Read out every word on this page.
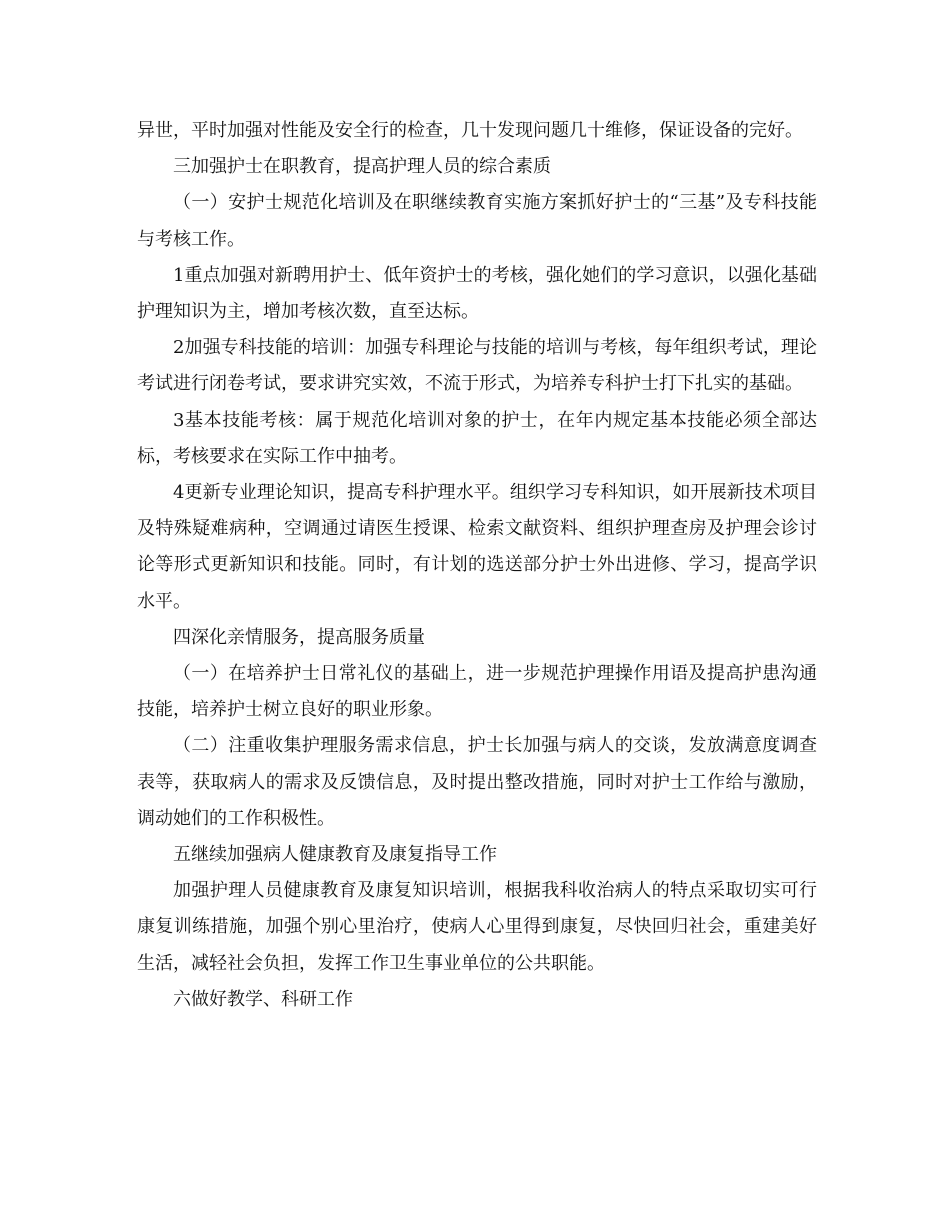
异世，平时加强对性能及安全行的检查，几十发现问题几十维修，保证设备的完好。

三加强护士在职教育，提高护理人员的综合素质

（一）安护士规范化培训及在职继续教育实施方案抓好护士的“三基”及专科技能与考核工作。

1重点加强对新聘用护士、低年资护士的考核，强化她们的学习意识，以强化基础护理知识为主，增加考核次数，直至达标。

2加强专科技能的培训：加强专科理论与技能的培训与考核，每年组织考试，理论考试进行闭卷考试，要求讲究实效，不流于形式，为培养专科护士打下扎实的基础。

3基本技能考核：属于规范化培训对象的护士，在年内规定基本技能必须全部达标，考核要求在实际工作中抽考。

4更新专业理论知识，提高专科护理水平。组织学习专科知识，如开展新技术项目及特殊疑难病种，空调通过请医生授课、检索文献资料、组织护理查房及护理会诊讨论等形式更新知识和技能。同时，有计划的选送部分护士外出进修、学习，提高学识水平。

四深化亲情服务，提高服务质量

（一）在培养护士日常礼仪的基础上，进一步规范护理操作用语及提高护患沟通技能，培养护士树立良好的职业形象。

（二）注重收集护理服务需求信息，护士长加强与病人的交谈，发放满意度调查表等，获取病人的需求及反馈信息，及时提出整改措施，同时对护士工作给与激励，调动她们的工作积极性。

五继续加强病人健康教育及康复指导工作

加强护理人员健康教育及康复知识培训，根据我科收治病人的特点采取切实可行康复训练措施，加强个别心里治疗，使病人心里得到康复，尽快回归社会，重建美好生活，减轻社会负担，发挥工作卫生事业单位的公共职能。

六做好教学、科研工作
